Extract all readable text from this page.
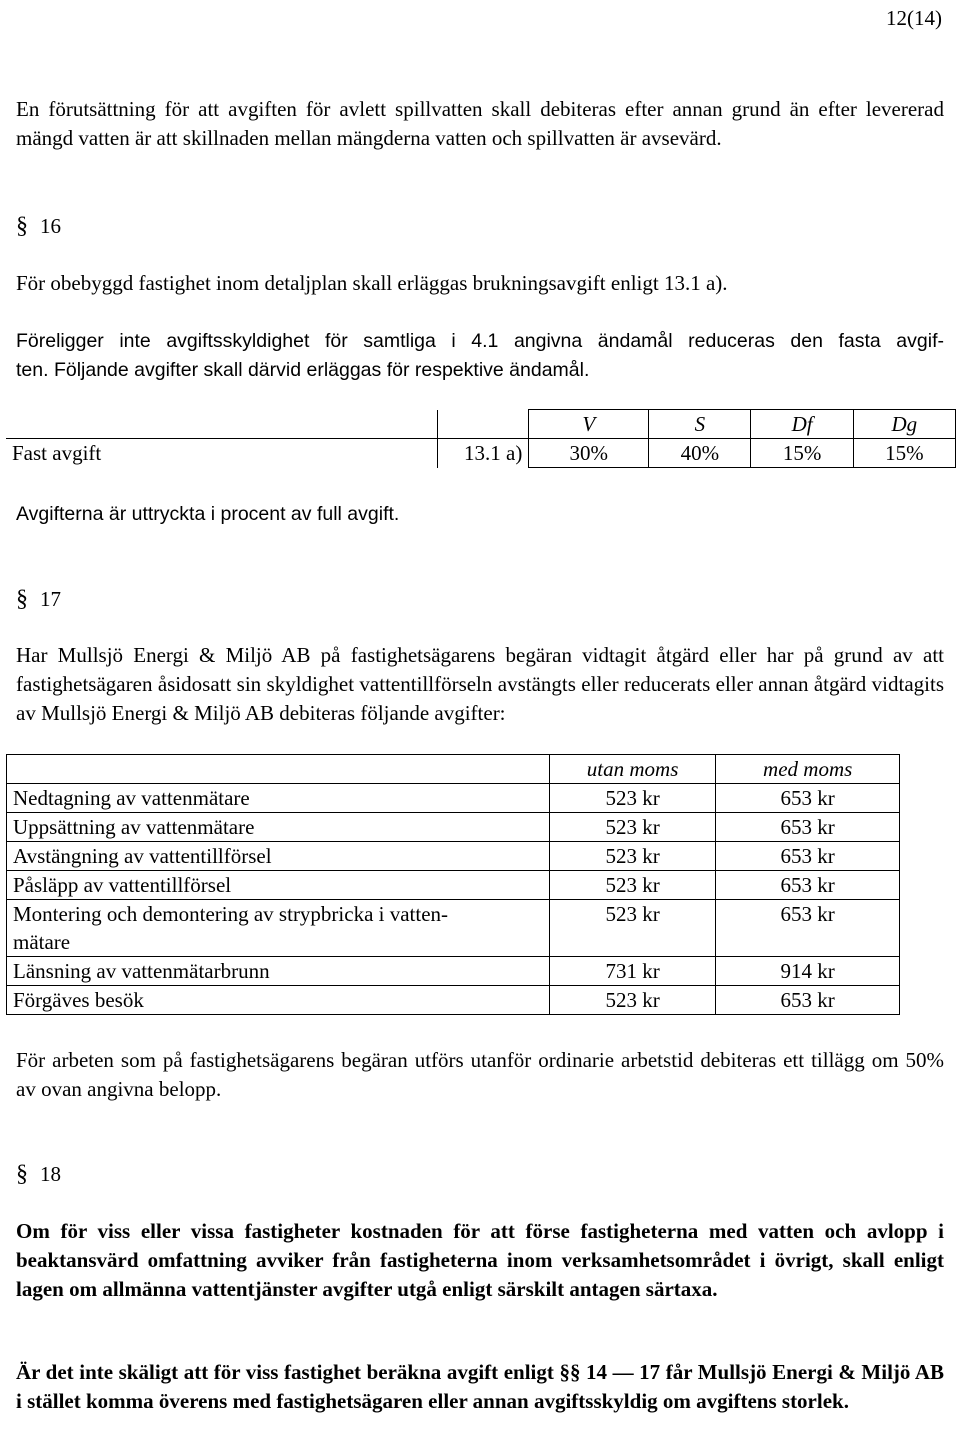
12(14)

En förutsättning för att avgiften för avlett spillvatten skall debiteras efter annan grund än efter levererad mängd vatten är att skillnaden mellan mängderna vatten och spillvatten är avsevärd.

§ 16

För obebyggd fastighet inom detaljplan skall erläggas brukningsavgift enligt 13.1 a).

Föreligger inte avgiftsskyldighet för samtliga i 4.1 angivna ändamål reduceras den fasta avgif-
ten. Följande avgifter skall därvid erläggas för respektive ändamål.
		V	S	Df	Dg
Fast avgift	13.1 a)	30%	40%	15%	15%
Avgifterna är uttryckta i procent av full avgift.
§ 17

Har Mullsjö Energi & Miljö AB på fastighetsägarens begäran vidtagit åtgärd eller har på grund av att fastighetsägaren åsidosatt sin skyldighet vattentillförseln avstängts eller reducerats eller annan åtgärd vidtagits av Mullsjö Energi & Miljö AB debiteras följande avgifter:

	utan moms	med moms
Nedtagning av vattenmätare	523 kr	653 kr
Uppsättning av vattenmätare	523 kr	653 kr
Avstängning av vattentillförsel	523 kr	653 kr
Påsläpp av vattentillförsel	523 kr	653 kr

Montering och demontering av strypbricka i vatten-
mätare	523 kr	653 kr
Länsning av vattenmätarbrunn	731 kr	914 kr
Förgäves besök	523 kr	653 kr

För arbeten som på fastighetsägarens begäran utförs utanför ordinarie arbetstid debiteras ett tillägg om 50% av ovan angivna belopp.

§ 18

Om för viss eller vissa fastigheter kostnaden för att förse fastigheterna med vatten och avlopp i beaktansvärd omfattning avviker från fastigheterna inom verksamhetsområdet i övrigt, skall enligt lagen om allmänna vattentjänster avgifter utgå enligt särskilt antagen särtaxa.

Är det inte skäligt att för viss fastighet beräkna avgift enligt §§ 14 — 17 får Mullsjö Energi & Miljö AB i stället komma överens med fastighetsägaren eller annan avgiftsskyldig om avgiftens storlek.
